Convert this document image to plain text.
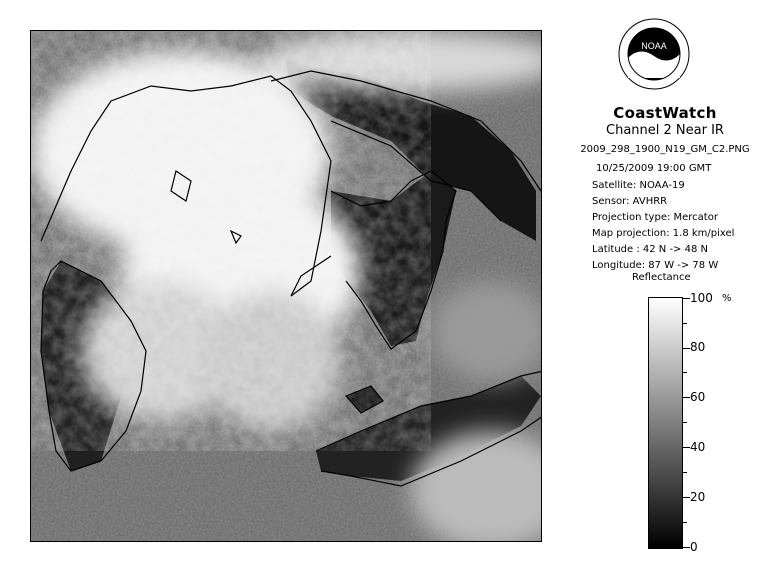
NOAA
CoastWatch
Channel 2 Near IR
2009_298_1900_N19_GM_C2.PNG
10/25/2009 19:00 GMT
Satellite: NOAA-19
Sensor: AVHRR
Projection type: Mercator
Map projection: 1.8 km/pixel
Latitude : 42 N -> 48 N
Longitude: 87 W -> 78 W
Reflectance
%
100
80
60
40
20
0
